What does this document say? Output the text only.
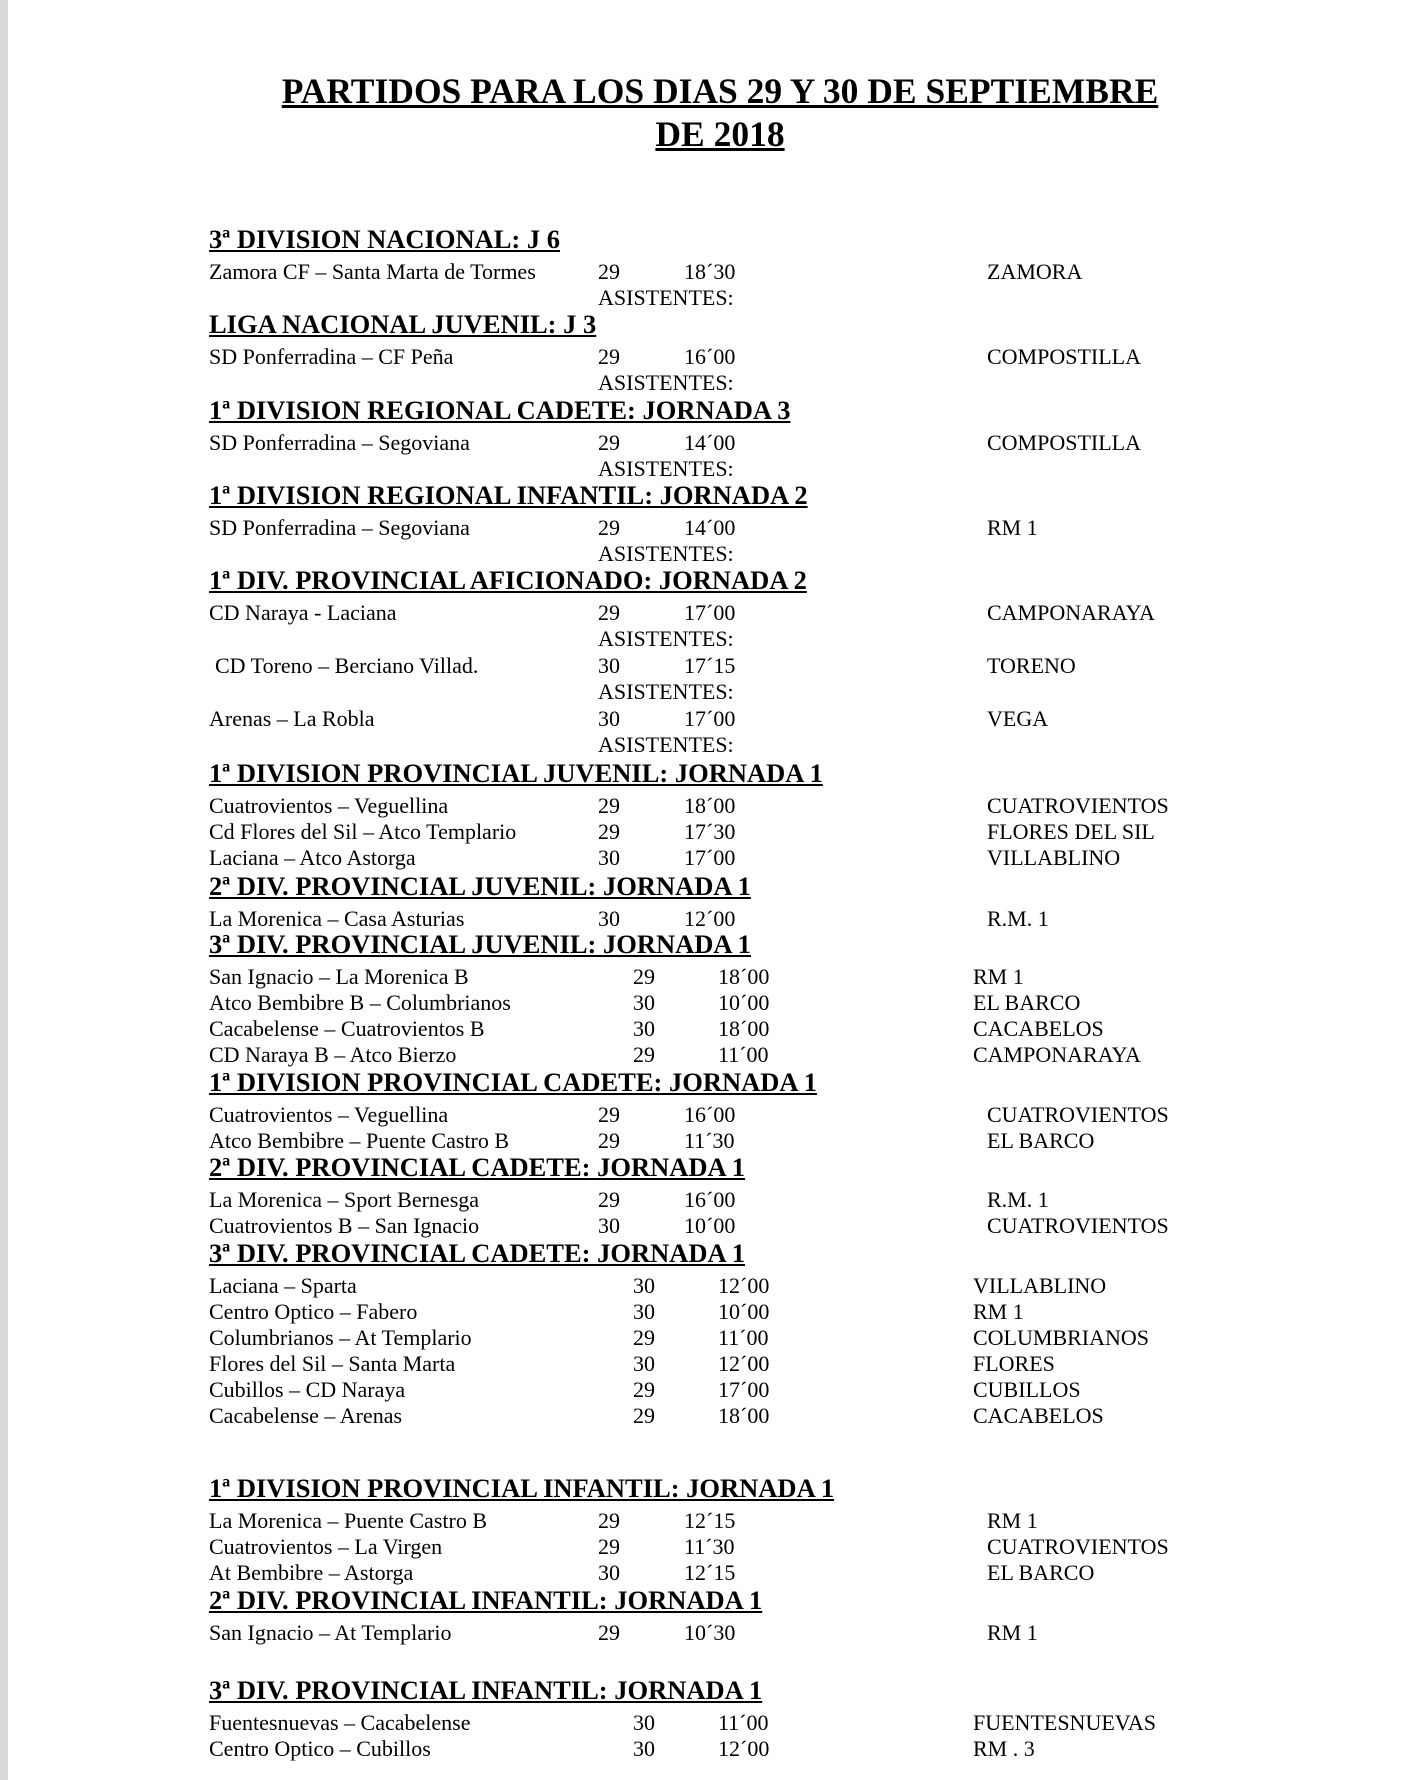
PARTIDOS PARA LOS DIAS 29 Y 30 DE SEPTIEMBRE
DE 2018
3ª DIVISION NACIONAL: J 6
Zamora CF – Santa Marta de Tormes	29	18´30	ZAMORA
ASISTENTES:
LIGA NACIONAL JUVENIL: J 3
SD Ponferradina – CF Peña	29	16´00	COMPOSTILLA
ASISTENTES:
1ª DIVISION REGIONAL CADETE: JORNADA 3
SD Ponferradina – Segoviana	29	14´00	COMPOSTILLA
ASISTENTES:
1ª DIVISION REGIONAL INFANTIL: JORNADA 2
SD Ponferradina – Segoviana	29	14´00	RM 1
ASISTENTES:
1ª DIV. PROVINCIAL AFICIONADO: JORNADA 2
CD Naraya - Laciana	29	17´00	CAMPONARAYA
ASISTENTES:
CD Toreno – Berciano Villad.	30	17´15	TORENO
ASISTENTES:
Arenas – La Robla	30	17´00	VEGA
ASISTENTES:
1ª DIVISION PROVINCIAL JUVENIL: JORNADA 1
Cuatrovientos – Veguellina	29	18´00	CUATROVIENTOS
Cd Flores del Sil – Atco Templario	29	17´30	FLORES DEL SIL
Laciana – Atco Astorga	30	17´00	VILLABLINO
2ª DIV. PROVINCIAL JUVENIL: JORNADA 1
La Morenica – Casa Asturias	30	12´00	R.M. 1
3ª DIV. PROVINCIAL JUVENIL: JORNADA 1
San Ignacio – La Morenica B	29	18´00	RM 1
Atco Bembibre B – Columbrianos	30	10´00	EL BARCO
Cacabelense – Cuatrovientos B	30	18´00	CACABELOS
CD Naraya B – Atco Bierzo	29	11´00	CAMPONARAYA
1ª DIVISION PROVINCIAL CADETE: JORNADA 1
Cuatrovientos – Veguellina	29	16´00	CUATROVIENTOS
Atco Bembibre – Puente Castro B	29	11´30	EL BARCO
2ª DIV. PROVINCIAL CADETE: JORNADA 1
La Morenica – Sport Bernesga	29	16´00	R.M. 1
Cuatrovientos B – San Ignacio	30	10´00	CUATROVIENTOS
3ª DIV. PROVINCIAL CADETE: JORNADA 1
Laciana – Sparta	30	12´00	VILLABLINO
Centro Optico – Fabero	30	10´00	RM 1
Columbrianos – At Templario	29	11´00	COLUMBRIANOS
Flores del Sil – Santa Marta	30	12´00	FLORES
Cubillos – CD Naraya	29	17´00	CUBILLOS
Cacabelense – Arenas	29	18´00	CACABELOS
1ª DIVISION PROVINCIAL INFANTIL: JORNADA 1
La Morenica – Puente Castro B	29	12´15	RM 1
Cuatrovientos – La Virgen	29	11´30	CUATROVIENTOS
At Bembibre – Astorga	30	12´15	EL BARCO
2ª DIV. PROVINCIAL INFANTIL: JORNADA 1
San Ignacio – At Templario	29	10´30	RM 1
3ª DIV. PROVINCIAL INFANTIL: JORNADA 1
Fuentesnuevas – Cacabelense	30	11´00	FUENTESNUEVAS
Centro Optico – Cubillos	30	12´00	RM . 3
